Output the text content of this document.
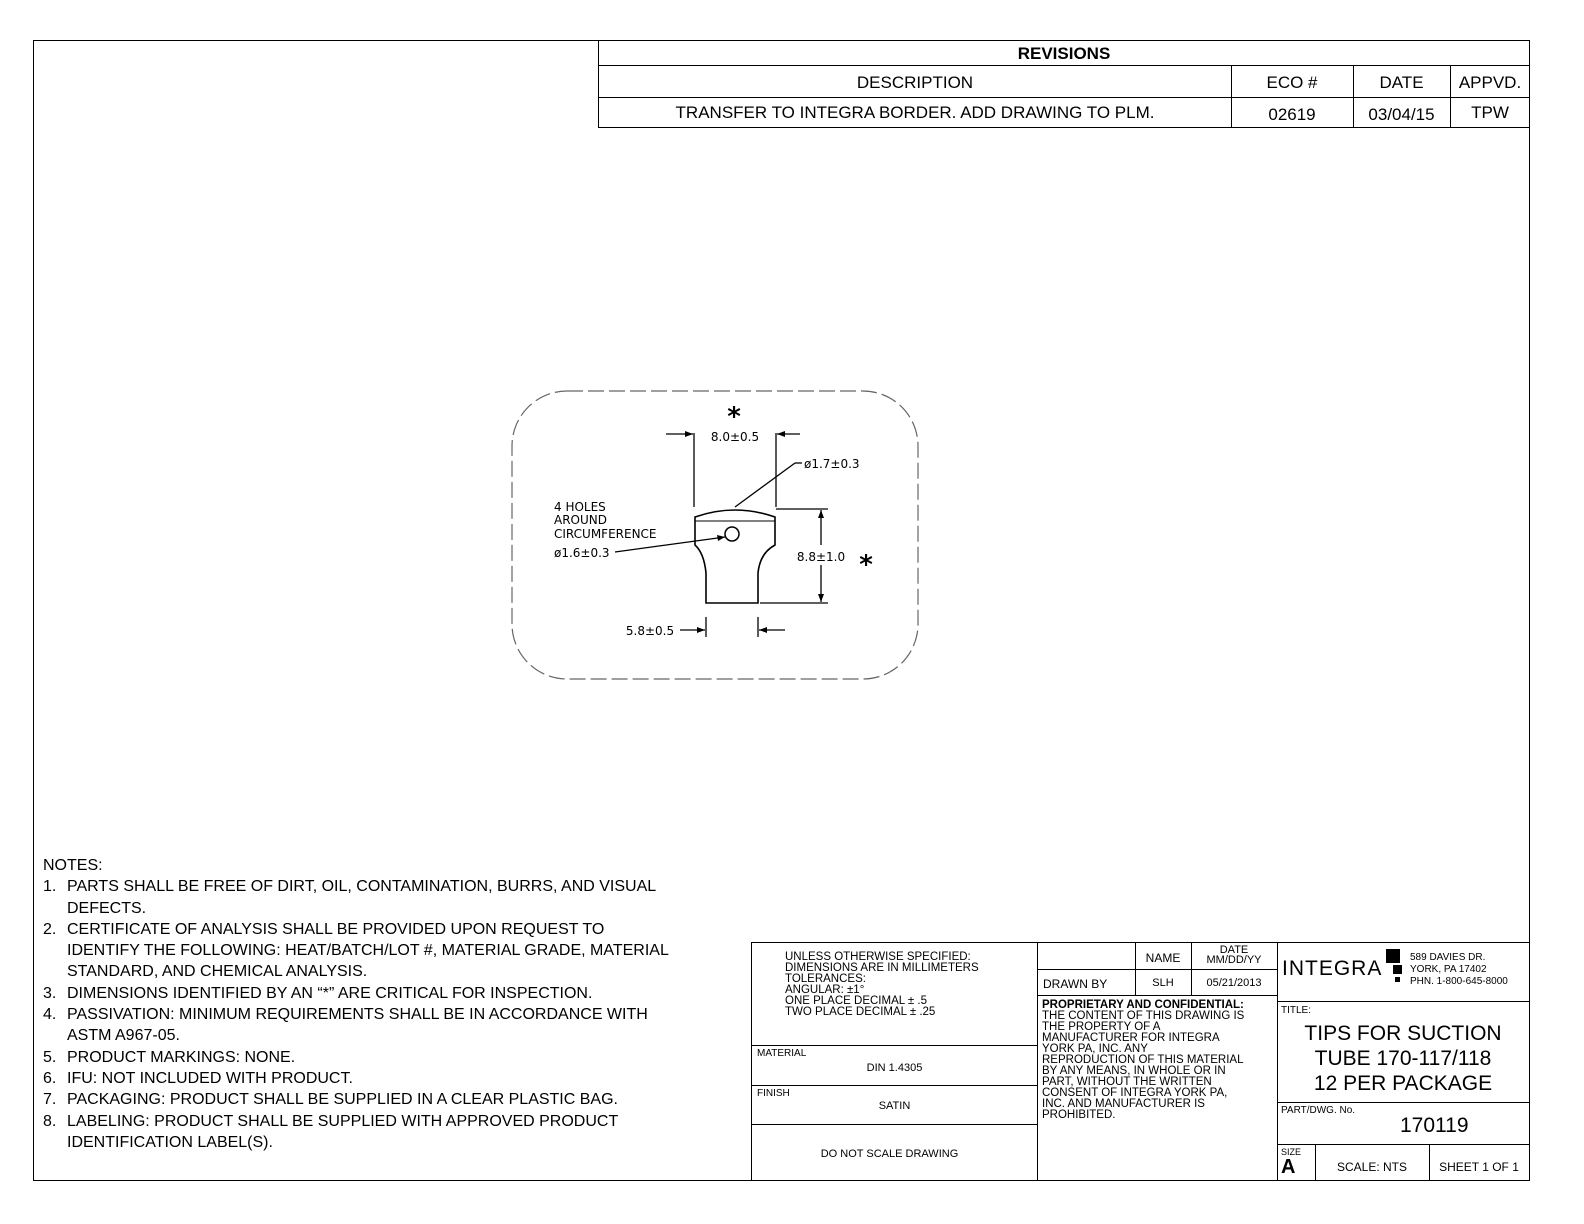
REVISIONS
DESCRIPTION	ECO #	DATE	APPVD.
TRANSFER TO INTEGRA BORDER. ADD DRAWING TO PLM.	02619	03/04/15	TPW
*
8.0±0.5
ø1.7±0.3
4 HOLES
AROUND
CIRCUMFERENCE
ø1.6±0.3	8.8±1.0 *
5.8±0.5
NOTES:
1. PARTS SHALL BE FREE OF DIRT, OIL, CONTAMINATION, BURRS, AND VISUAL DEFECTS.
2. CERTIFICATE OF ANALYSIS SHALL BE PROVIDED UPON REQUEST TO IDENTIFY THE FOLLOWING: HEAT/BATCH/LOT #, MATERIAL GRADE, MATERIAL STANDARD, AND CHEMICAL ANALYSIS.
3. DIMENSIONS IDENTIFIED BY AN “*” ARE CRITICAL FOR INSPECTION.
4. PASSIVATION: MINIMUM REQUIREMENTS SHALL BE IN ACCORDANCE WITH ASTM A967-05.
5. PRODUCT MARKINGS: NONE.
6. IFU: NOT INCLUDED WITH PRODUCT.
7. PACKAGING: PRODUCT SHALL BE SUPPLIED IN A CLEAR PLASTIC BAG.
8. LABELING: PRODUCT SHALL BE SUPPLIED WITH APPROVED PRODUCT IDENTIFICATION LABEL(S).
UNLESS OTHERWISE SPECIFIED:
DIMENSIONS ARE IN MILLIMETERS
TOLERANCES:
ANGULAR: ±1°
ONE PLACE DECIMAL ± .5
TWO PLACE DECIMAL ± .25
MATERIAL
DIN 1.4305
FINISH
SATIN
DO NOT SCALE DRAWING
NAME
DATE
MM/DD/YY
DRAWN BY	SLH	05/21/2013
PROPRIETARY AND CONFIDENTIAL:
THE CONTENT OF THIS DRAWING IS
THE PROPERTY OF A
MANUFACTURER FOR INTEGRA
YORK PA, INC. ANY
REPRODUCTION OF THIS MATERIAL
BY ANY MEANS, IN WHOLE OR IN
PART, WITHOUT THE WRITTEN
CONSENT OF INTEGRA YORK PA,
INC. AND MANUFACTURER IS
PROHIBITED.
INTEGRA	589 DAVIES DR.
YORK, PA 17402
PHN. 1-800-645-8000
TITLE:
TIPS FOR SUCTION
TUBE 170-117/118
12 PER PACKAGE
PART/DWG. No.
170119
SIZE
A	SCALE: NTS	SHEET 1 OF 1
